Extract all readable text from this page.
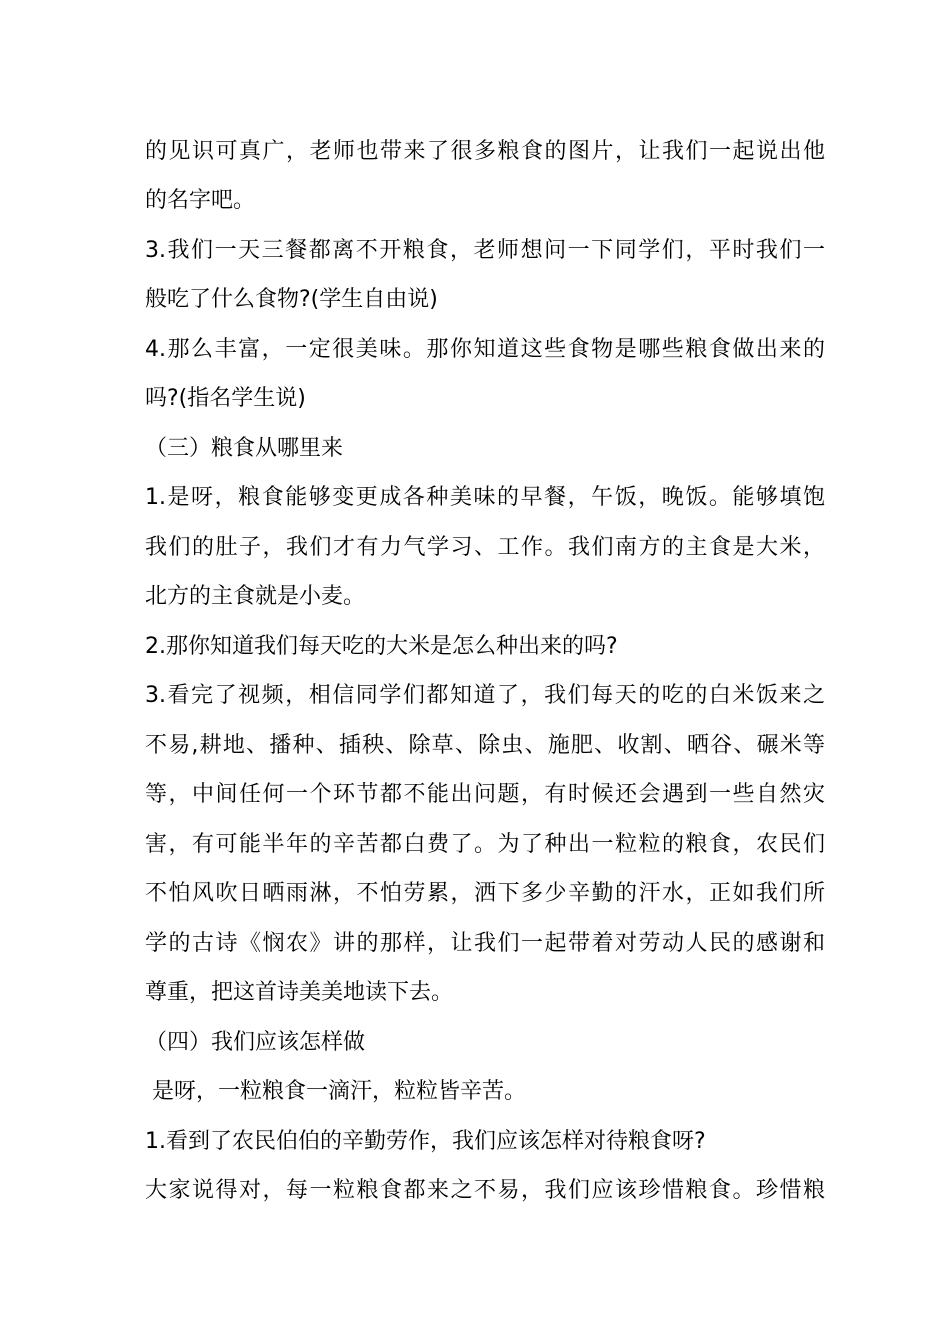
的见识可真广，老师也带来了很多粮食的图片，让我们一起说出他
的名字吧。
3.我们一天三餐都离不开粮食，老师想问一下同学们，平时我们一
般吃了什么食物?(学生自由说)
4.那么丰富，一定很美味。那你知道这些食物是哪些粮食做出来的
吗?(指名学生说)
（三）粮食从哪里来
1.是呀，粮食能够变更成各种美味的早餐，午饭，晚饭。能够填饱
我们的肚子，我们才有力气学习、工作。我们南方的主食是大米，
北方的主食就是小麦。
2.那你知道我们每天吃的大米是怎么种出来的吗?
3.看完了视频，相信同学们都知道了，我们每天的吃的白米饭来之
不易,耕地、播种、插秧、除草、除虫、施肥、收割、晒谷、碾米等
等，中间任何一个环节都不能出问题，有时候还会遇到一些自然灾
害，有可能半年的辛苦都白费了。为了种出一粒粒的粮食，农民们
不怕风吹日晒雨淋，不怕劳累，洒下多少辛勤的汗水，正如我们所
学的古诗《悯农》讲的那样，让我们一起带着对劳动人民的感谢和
尊重，把这首诗美美地读下去。
（四）我们应该怎样做
是呀，一粒粮食一滴汗，粒粒皆辛苦。
1.看到了农民伯伯的辛勤劳作，我们应该怎样对待粮食呀?
大家说得对，每一粒粮食都来之不易，我们应该珍惜粮食。珍惜粮
